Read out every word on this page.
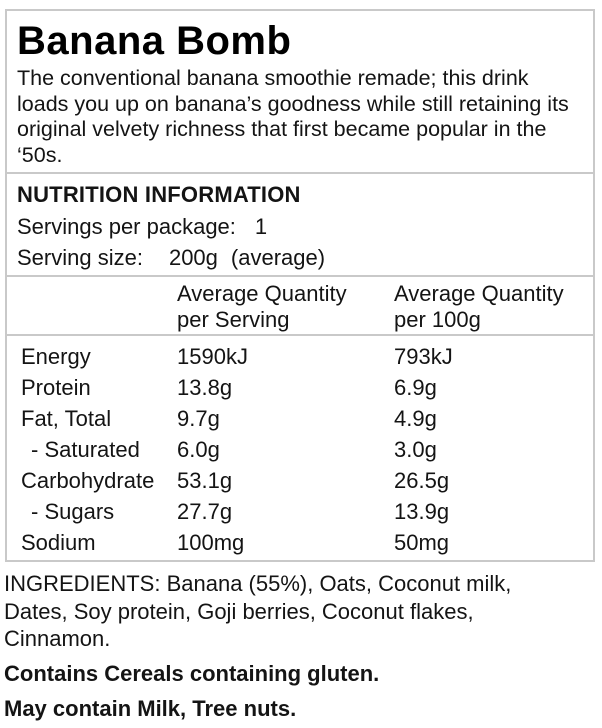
Banana Bomb

The conventional banana smoothie remade; this drink loads you up on banana’s goodness while still retaining its original velvety richness that first became popular in the ‘50s.

NUTRITION INFORMATION
Servings per package: 1
Serving size: 200g (average)
Average Quantity
per Serving
Average Quantity
per 100g
Energy	1590kJ	793kJ
Protein	13.8g	6.9g
Fat, Total	9.7g	4.9g
- Saturated	6.0g	3.0g
Carbohydrate	53.1g	26.5g
- Sugars	27.7g	13.9g
Sodium	100mg	50mg

INGREDIENTS: Banana (55%), Oats, Coconut milk, Dates, Soy protein, Goji berries, Coconut flakes, Cinnamon.

Contains Cereals containing gluten.

May contain Milk, Tree nuts.
